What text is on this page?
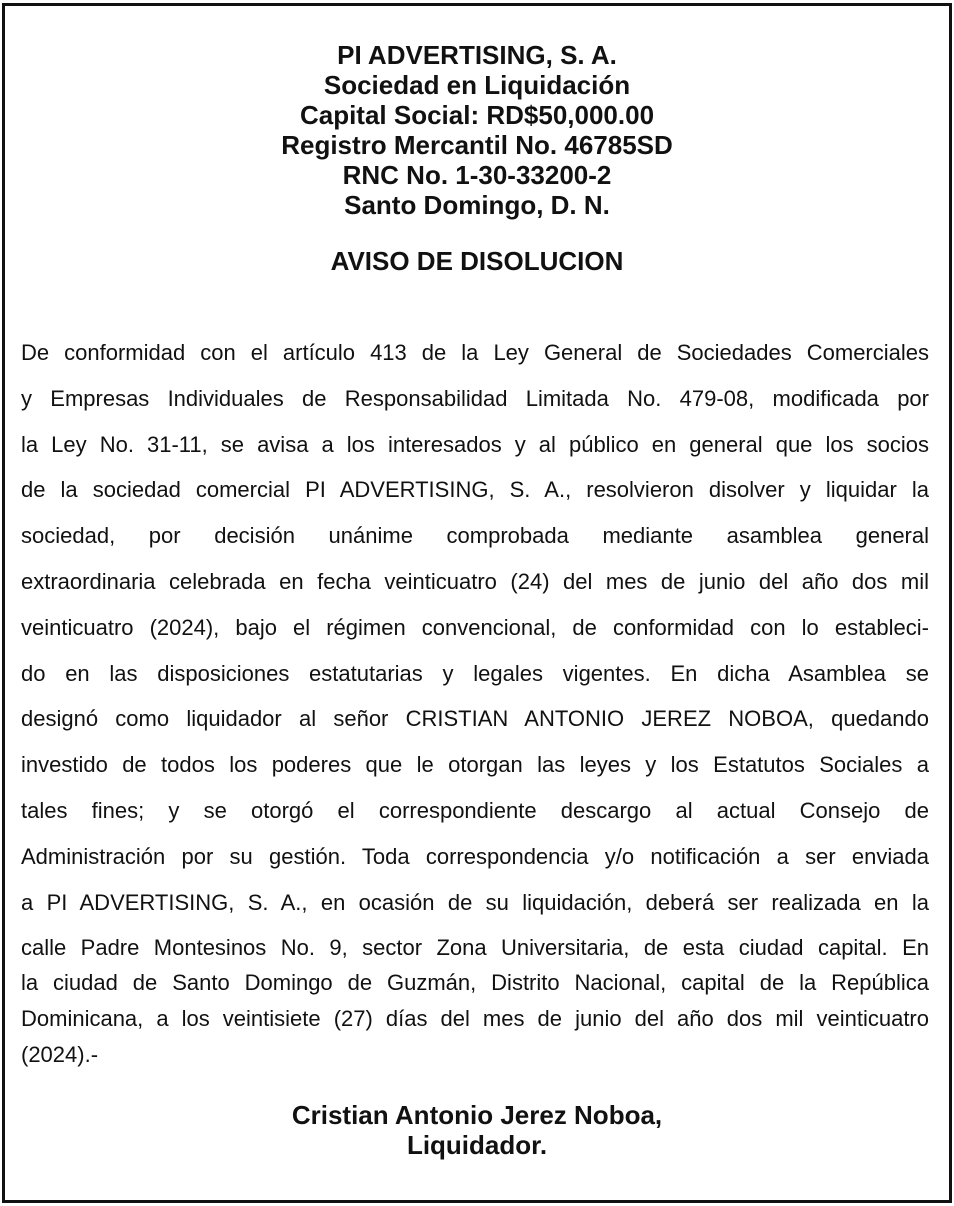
PI ADVERTISING, S. A.
Sociedad en Liquidación
Capital Social: RD$50,000.00
Registro Mercantil No. 46785SD
RNC No. 1-30-33200-2
Santo Domingo, D. N.
AVISO DE DISOLUCION
De conformidad con el artículo 413 de la Ley General de Sociedades Comerciales
y Empresas Individuales de Responsabilidad Limitada No. 479-08, modificada por
la Ley No. 31-11, se avisa a los interesados y al público en general que los socios
de la sociedad comercial PI ADVERTISING, S. A., resolvieron disolver y liquidar la
sociedad, por decisión unánime comprobada mediante asamblea general
extraordinaria celebrada en fecha veinticuatro (24) del mes de junio del año dos mil
veinticuatro (2024), bajo el régimen convencional, de conformidad con lo estableci-
do en las disposiciones estatutarias y legales vigentes. En dicha Asamblea se
designó como liquidador al señor CRISTIAN ANTONIO JEREZ NOBOA, quedando
investido de todos los poderes que le otorgan las leyes y los Estatutos Sociales a
tales fines; y se otorgó el correspondiente descargo al actual Consejo de
Administración por su gestión. Toda correspondencia y/o notificación a ser enviada
a PI ADVERTISING, S. A., en ocasión de su liquidación, deberá ser realizada en la
calle Padre Montesinos No. 9, sector Zona Universitaria, de esta ciudad capital. En
la ciudad de Santo Domingo de Guzmán, Distrito Nacional, capital de la República
Dominicana, a los veintisiete (27) días del mes de junio del año dos mil veinticuatro
(2024).-
Cristian Antonio Jerez Noboa,
Liquidador.
